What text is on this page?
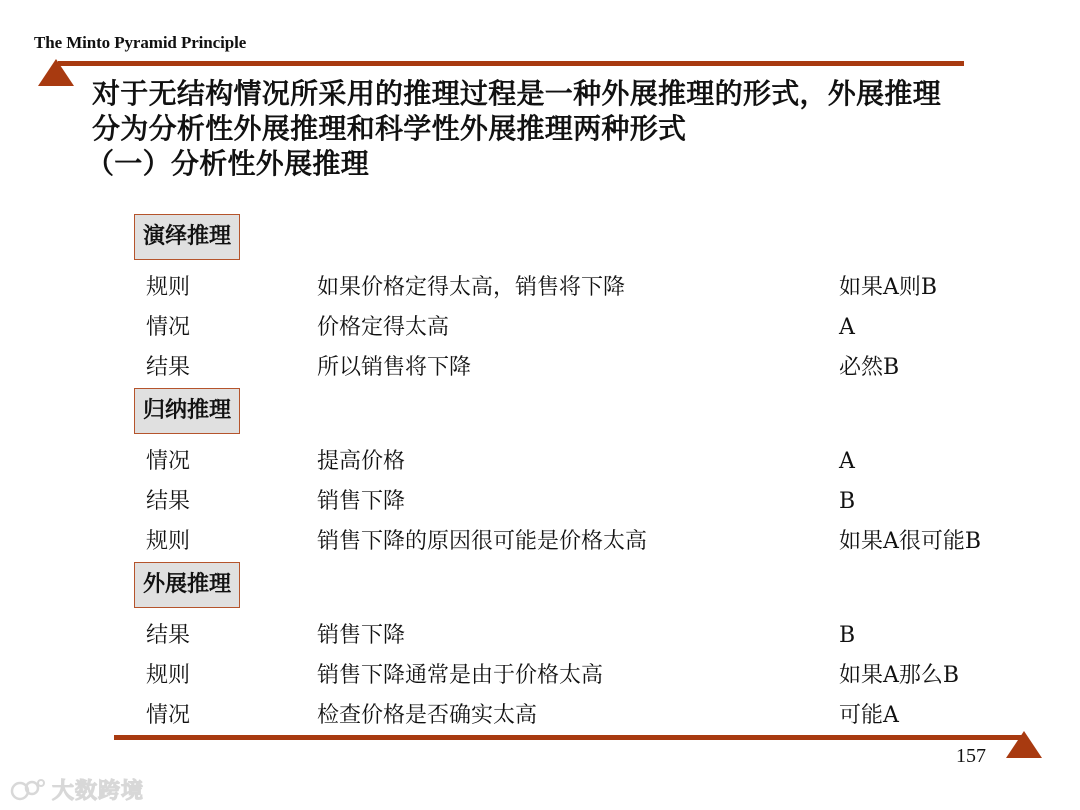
The Minto Pyramid Principle
对于无结构情况所采用的推理过程是一种外展推理的形式，外展推理
分为分析性外展推理和科学性外展推理两种形式
（一）分析性外展推理
演绎推理
规则	如果价格定得太高，销售将下降	如果A则B
情况	价格定得太高	A
结果	所以销售将下降	必然B
归纳推理
情况	提高价格	A
结果	销售下降	B
规则	销售下降的原因很可能是价格太高	如果A很可能B
外展推理
结果	销售下降	B
规则	销售下降通常是由于价格太高	如果A那么B
情况	检查价格是否确实太高	可能A
157
大数跨境
